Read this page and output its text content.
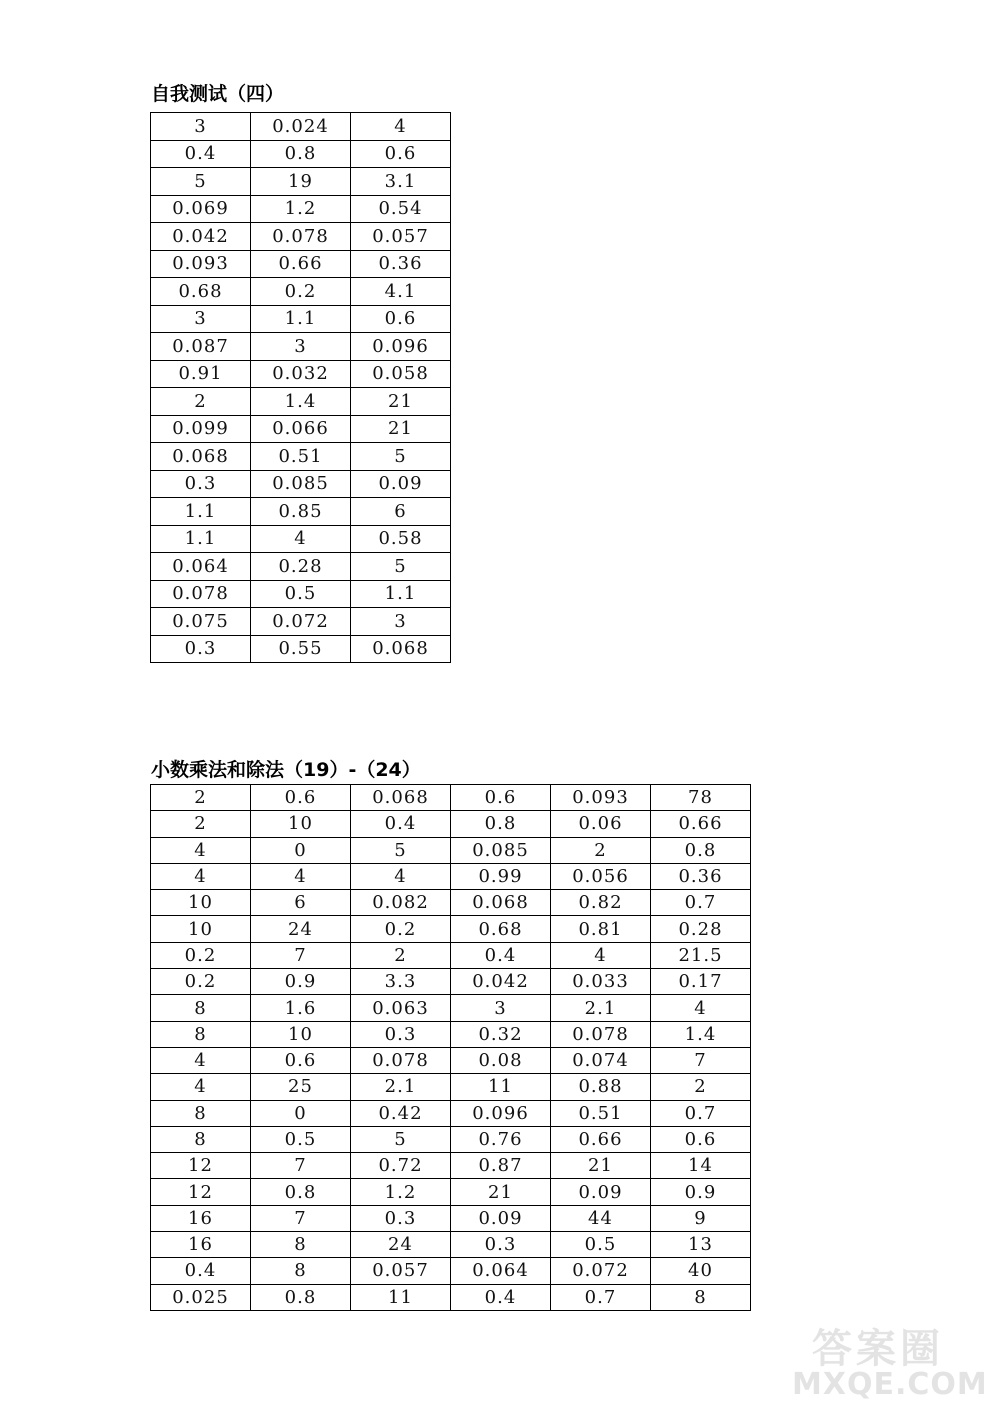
自我测试（四）
3	0.024	4
0.4	0.8	0.6
5	19	3.1
0.069	1.2	0.54
0.042	0.078	0.057
0.093	0.66	0.36
0.68	0.2	4.1
3	1.1	0.6
0.087	3	0.096
0.91	0.032	0.058
2	1.4	21
0.099	0.066	21
0.068	0.51	5
0.3	0.085	0.09
1.1	0.85	6
1.1	4	0.58
0.064	0.28	5
0.078	0.5	1.1
0.075	0.072	3
0.3	0.55	0.068
小数乘法和除法（19）-（24）
2	0.6	0.068	0.6	0.093	78
2	10	0.4	0.8	0.06	0.66
4	0	5	0.085	2	0.8
4	4	4	0.99	0.056	0.36
10	6	0.082	0.068	0.82	0.7
10	24	0.2	0.68	0.81	0.28
0.2	7	2	0.4	4	21.5
0.2	0.9	3.3	0.042	0.033	0.17
8	1.6	0.063	3	2.1	4
8	10	0.3	0.32	0.078	1.4
4	0.6	0.078	0.08	0.074	7
4	25	2.1	11	0.88	2
8	0	0.42	0.096	0.51	0.7
8	0.5	5	0.76	0.66	0.6
12	7	0.72	0.87	21	14
12	0.8	1.2	21	0.09	0.9
16	7	0.3	0.09	44	9
16	8	24	0.3	0.5	13
0.4	8	0.057	0.064	0.072	40
0.025	0.8	11	0.4	0.7	8
答案圈
MXQE.COM
